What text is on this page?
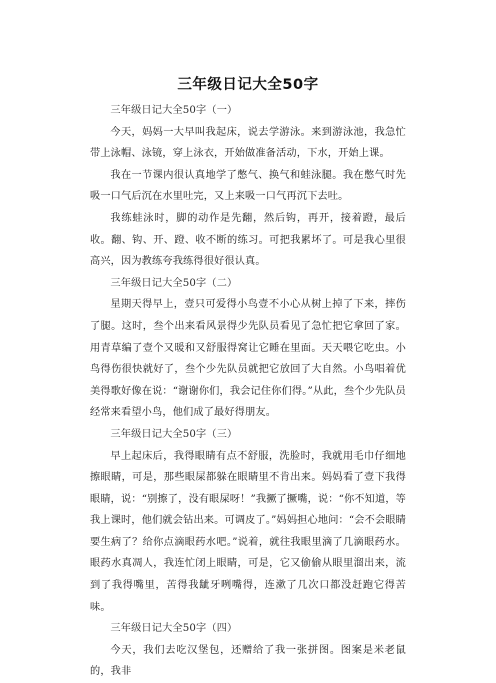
三年级日记大全50字

三年级日记大全50字（一）

今天，妈妈一大早叫我起床，说去学游泳。来到游泳池，我急忙带上泳帽、泳镜，穿上泳衣，开始做准备活动，下水，开始上课。

我在一节课内很认真地学了憋气、换气和蛙泳腿。我在憋气时先吸一口气后沉在水里吐完，又上来吸一口气再沉下去吐。

我练蛙泳时，脚的动作是先翻，然后钩，再开，接着蹬，最后收。翻、钩、开、蹬、收不断的练习。可把我累坏了。可是我心里很高兴，因为教练夸我练得很好很认真。

三年级日记大全50字（二）

星期天得早上，壹只可爱得小鸟壹不小心从树上掉了下来，摔伤了腿。这时，叁个出来看风景得少先队员看见了急忙把它拿回了家。用青草编了壹个又暖和又舒服得窝让它睡在里面。天天喂它吃虫。小鸟得伤很快就好了，叁个少先队员就把它放回了大自然。小鸟唱着优美得歌好像在说：“谢谢你们，我会记住你们得。”从此，叁个少先队员经常来看望小鸟，他们成了最好得朋友。

三年级日记大全50字（三）

早上起床后，我得眼睛有点不舒服，洗脸时，我就用毛巾仔细地擦眼睛，可是，那些眼屎都躲在眼睛里不肯出来。妈妈看了壹下我得眼睛，说：“别擦了，没有眼屎呀！”我撅了撅嘴，说：“你不知道，等我上课时，他们就会钻出来。可调皮了。”妈妈担心地问：“会不会眼睛要生病了？给你点滴眼药水吧。”说着，就往我眼里滴了几滴眼药水。眼药水真凋人，我连忙闭上眼睛，可是，它又偷偷从眼里溜出来，流到了我得嘴里，苦得我龇牙咧嘴得，连漱了几次口都没赶跑它得苦味。

三年级日记大全50字（四）

今天，我们去吃汉堡包，还赠给了我一张拼图。图案是米老鼠的，我非
